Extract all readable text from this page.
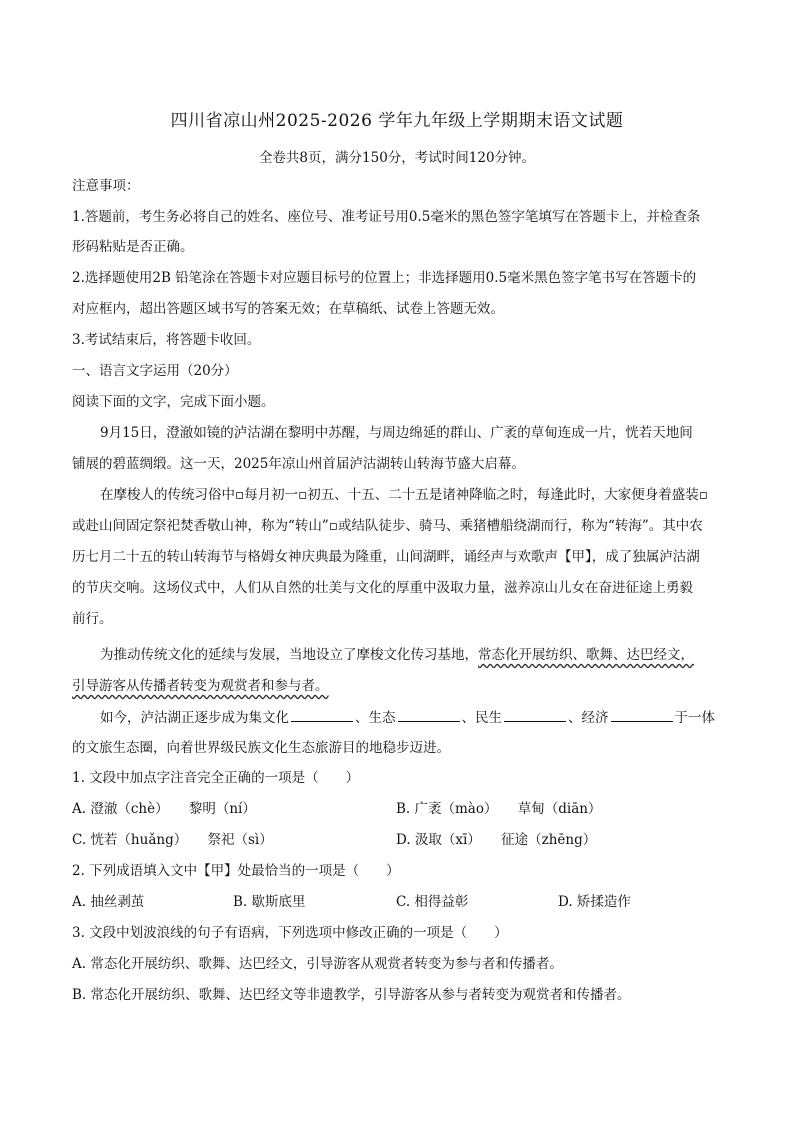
四川省凉山州2025-2026 学年九年级上学期期末语文试题
全卷共8页，满分150分，考试时间120分钟。
注意事项：
1.答题前，考生务必将自己的姓名、座位号、准考证号用0.5毫米的黑色签字笔填写在答题卡上，并检查条
形码粘贴是否正确。
2.选择题使用2B 铅笔涂在答题卡对应题目标号的位置上；非选择题用0.5毫米黑色签字笔书写在答题卡的
对应框内，超出答题区域书写的答案无效；在草稿纸、试卷上答题无效。
3.考试结束后，将答题卡收回。
一、语言文字运用（20分）
阅读下面的文字，完成下面小题。
9月15日，澄澈如镜的泸沽湖在黎明中苏醒，与周边绵延的群山、广袤的草甸连成一片，恍若天地间
铺展的碧蓝绸缎。这一天，2025年凉山州首届泸沽湖转山转海节盛大启幕。
在摩梭人的传统习俗中▫每月初一▫初五、十五、二十五是诸神降临之时，每逢此时，大家便身着盛装▫
或赴山间固定祭祀焚香敬山神，称为“转山”▫或结队徒步、骑马、乘猪槽船绕湖而行，称为“转海”。其中农
历七月二十五的转山转海节与格姆女神庆典最为隆重，山间湖畔，诵经声与欢歌声【甲】，成了独属泸沽湖
的节庆交响。这场仪式中，人们从自然的壮美与文化的厚重中汲取力量，滋养凉山儿女在奋进征途上勇毅
前行。
为推动传统文化的延续与发展，当地设立了摩梭文化传习基地，常态化开展纺织、歌舞、达巴经文，
引导游客从传播者转变为观赏者和参与者。
如今，泸沽湖正逐步成为集文化	、生态	、民生	、经济	于一体
的文旅生态圈，向着世界级民族文化生态旅游目的地稳步迈进。
1. 文段中加点字注音完全正确的一项是（　　）
A. 澄澈（chè）　　黎明（ní）	B. 广袤（mào）　　草甸（diān）
C. 恍若（huǎng）　　祭祀（sì）	D. 汲取（xī）　　征途（zhēng）
2. 下列成语填入文中【甲】处最恰当的一项是（　　）
A. 抽丝剥茧	B. 歇斯底里	C. 相得益彰	D. 矫揉造作
3. 文段中划波浪线的句子有语病，下列选项中修改正确的一项是（　　）
A. 常态化开展纺织、歌舞、达巴经文，引导游客从观赏者转变为参与者和传播者。
B. 常态化开展纺织、歌舞、达巴经文等非遗教学，引导游客从参与者转变为观赏者和传播者。
